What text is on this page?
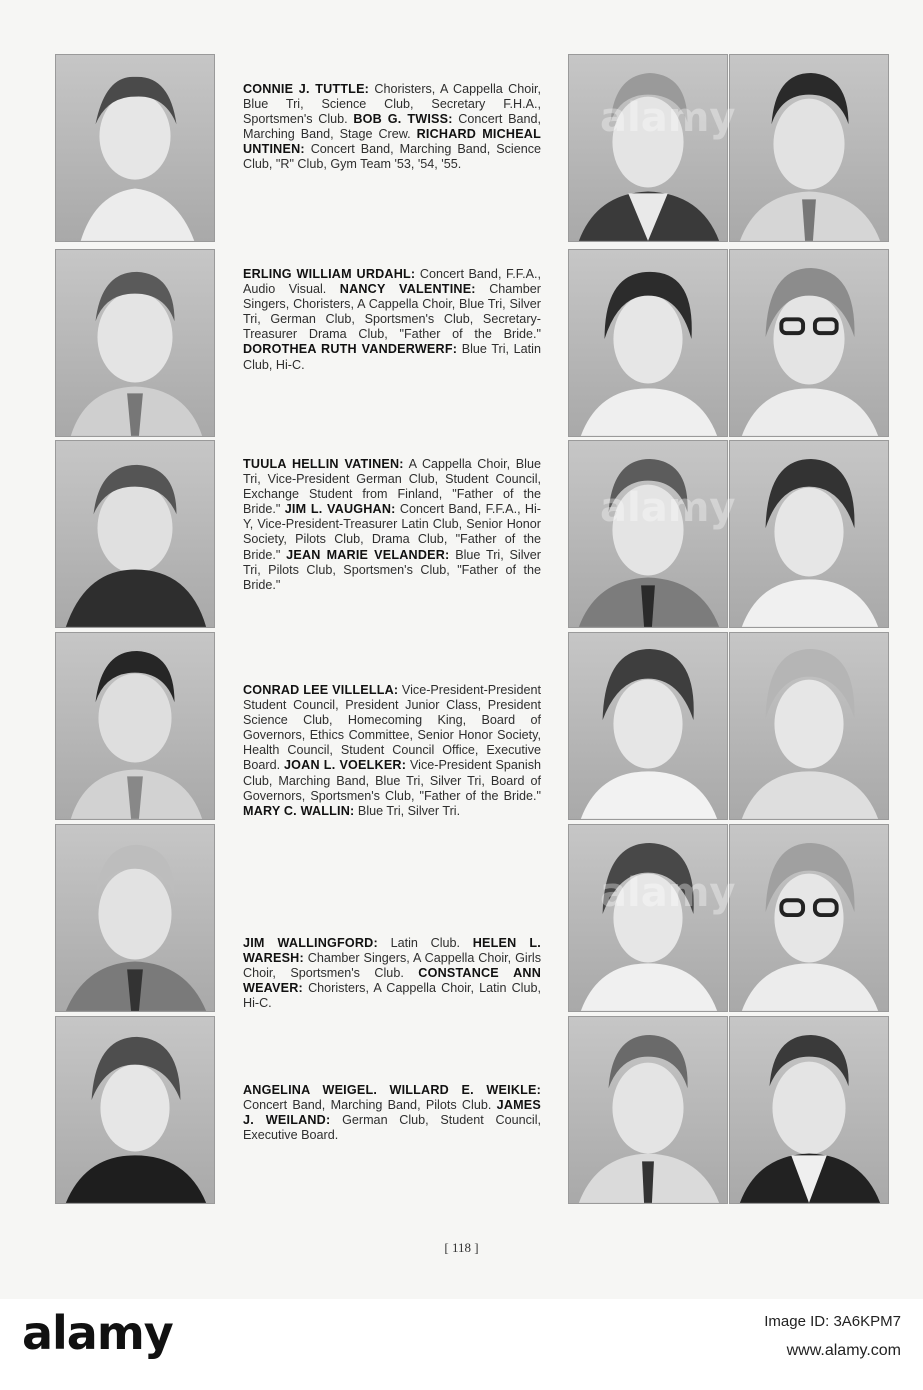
CONNIE J. TUTTLE: Choristers, A Cappella Choir, Blue Tri, Science Club, Secretary F.H.A., Sportsmen's Club. BOB G. TWISS: Concert Band, Marching Band, Stage Crew. RICHARD MICHEAL UNTINEN: Concert Band, Marching Band, Science Club, "R" Club, Gym Team '53, '54, '55.
ERLING WILLIAM URDAHL: Concert Band, F.F.A., Audio Visual. NANCY VALENTINE: Chamber Singers, Choristers, A Cappella Choir, Blue Tri, Silver Tri, German Club, Sportsmen's Club, Secretary-Treasurer Drama Club, "Father of the Bride." DOROTHEA RUTH VANDERWERF: Blue Tri, Latin Club, Hi-C.
TUULA HELLIN VATINEN: A Cappella Choir, Blue Tri, Vice-President German Club, Student Council, Exchange Student from Finland, "Father of the Bride." JIM L. VAUGHAN: Concert Band, F.F.A., Hi-Y, Vice-President-Treasurer Latin Club, Senior Honor Society, Pilots Club, Drama Club, "Father of the Bride." JEAN MARIE VELANDER: Blue Tri, Silver Tri, Pilots Club, Sportsmen's Club, "Father of the Bride."
CONRAD LEE VILLELLA: Vice-President-President Student Council, President Junior Class, President Science Club, Homecoming King, Board of Governors, Ethics Committee, Senior Honor Society, Health Council, Student Council Office, Executive Board. JOAN L. VOELKER: Vice-President Spanish Club, Marching Band, Blue Tri, Silver Tri, Board of Governors, Sportsmen's Club, "Father of the Bride." MARY C. WALLIN: Blue Tri, Silver Tri.
JIM WALLINGFORD: Latin Club. HELEN L. WARESH: Chamber Singers, A Cappella Choir, Girls Choir, Sportsmen's Club. CONSTANCE ANN WEAVER: Choristers, A Cappella Choir, Latin Club, Hi-C.
ANGELINA WEIGEL. WILLARD E. WEIKLE: Concert Band, Marching Band, Pilots Club. JAMES J. WEILAND: German Club, Student Council, Executive Board.
alamy
alamy
alamy
[ 118 ]
alamy	Image ID: 3A6KPM7
www.alamy.com
